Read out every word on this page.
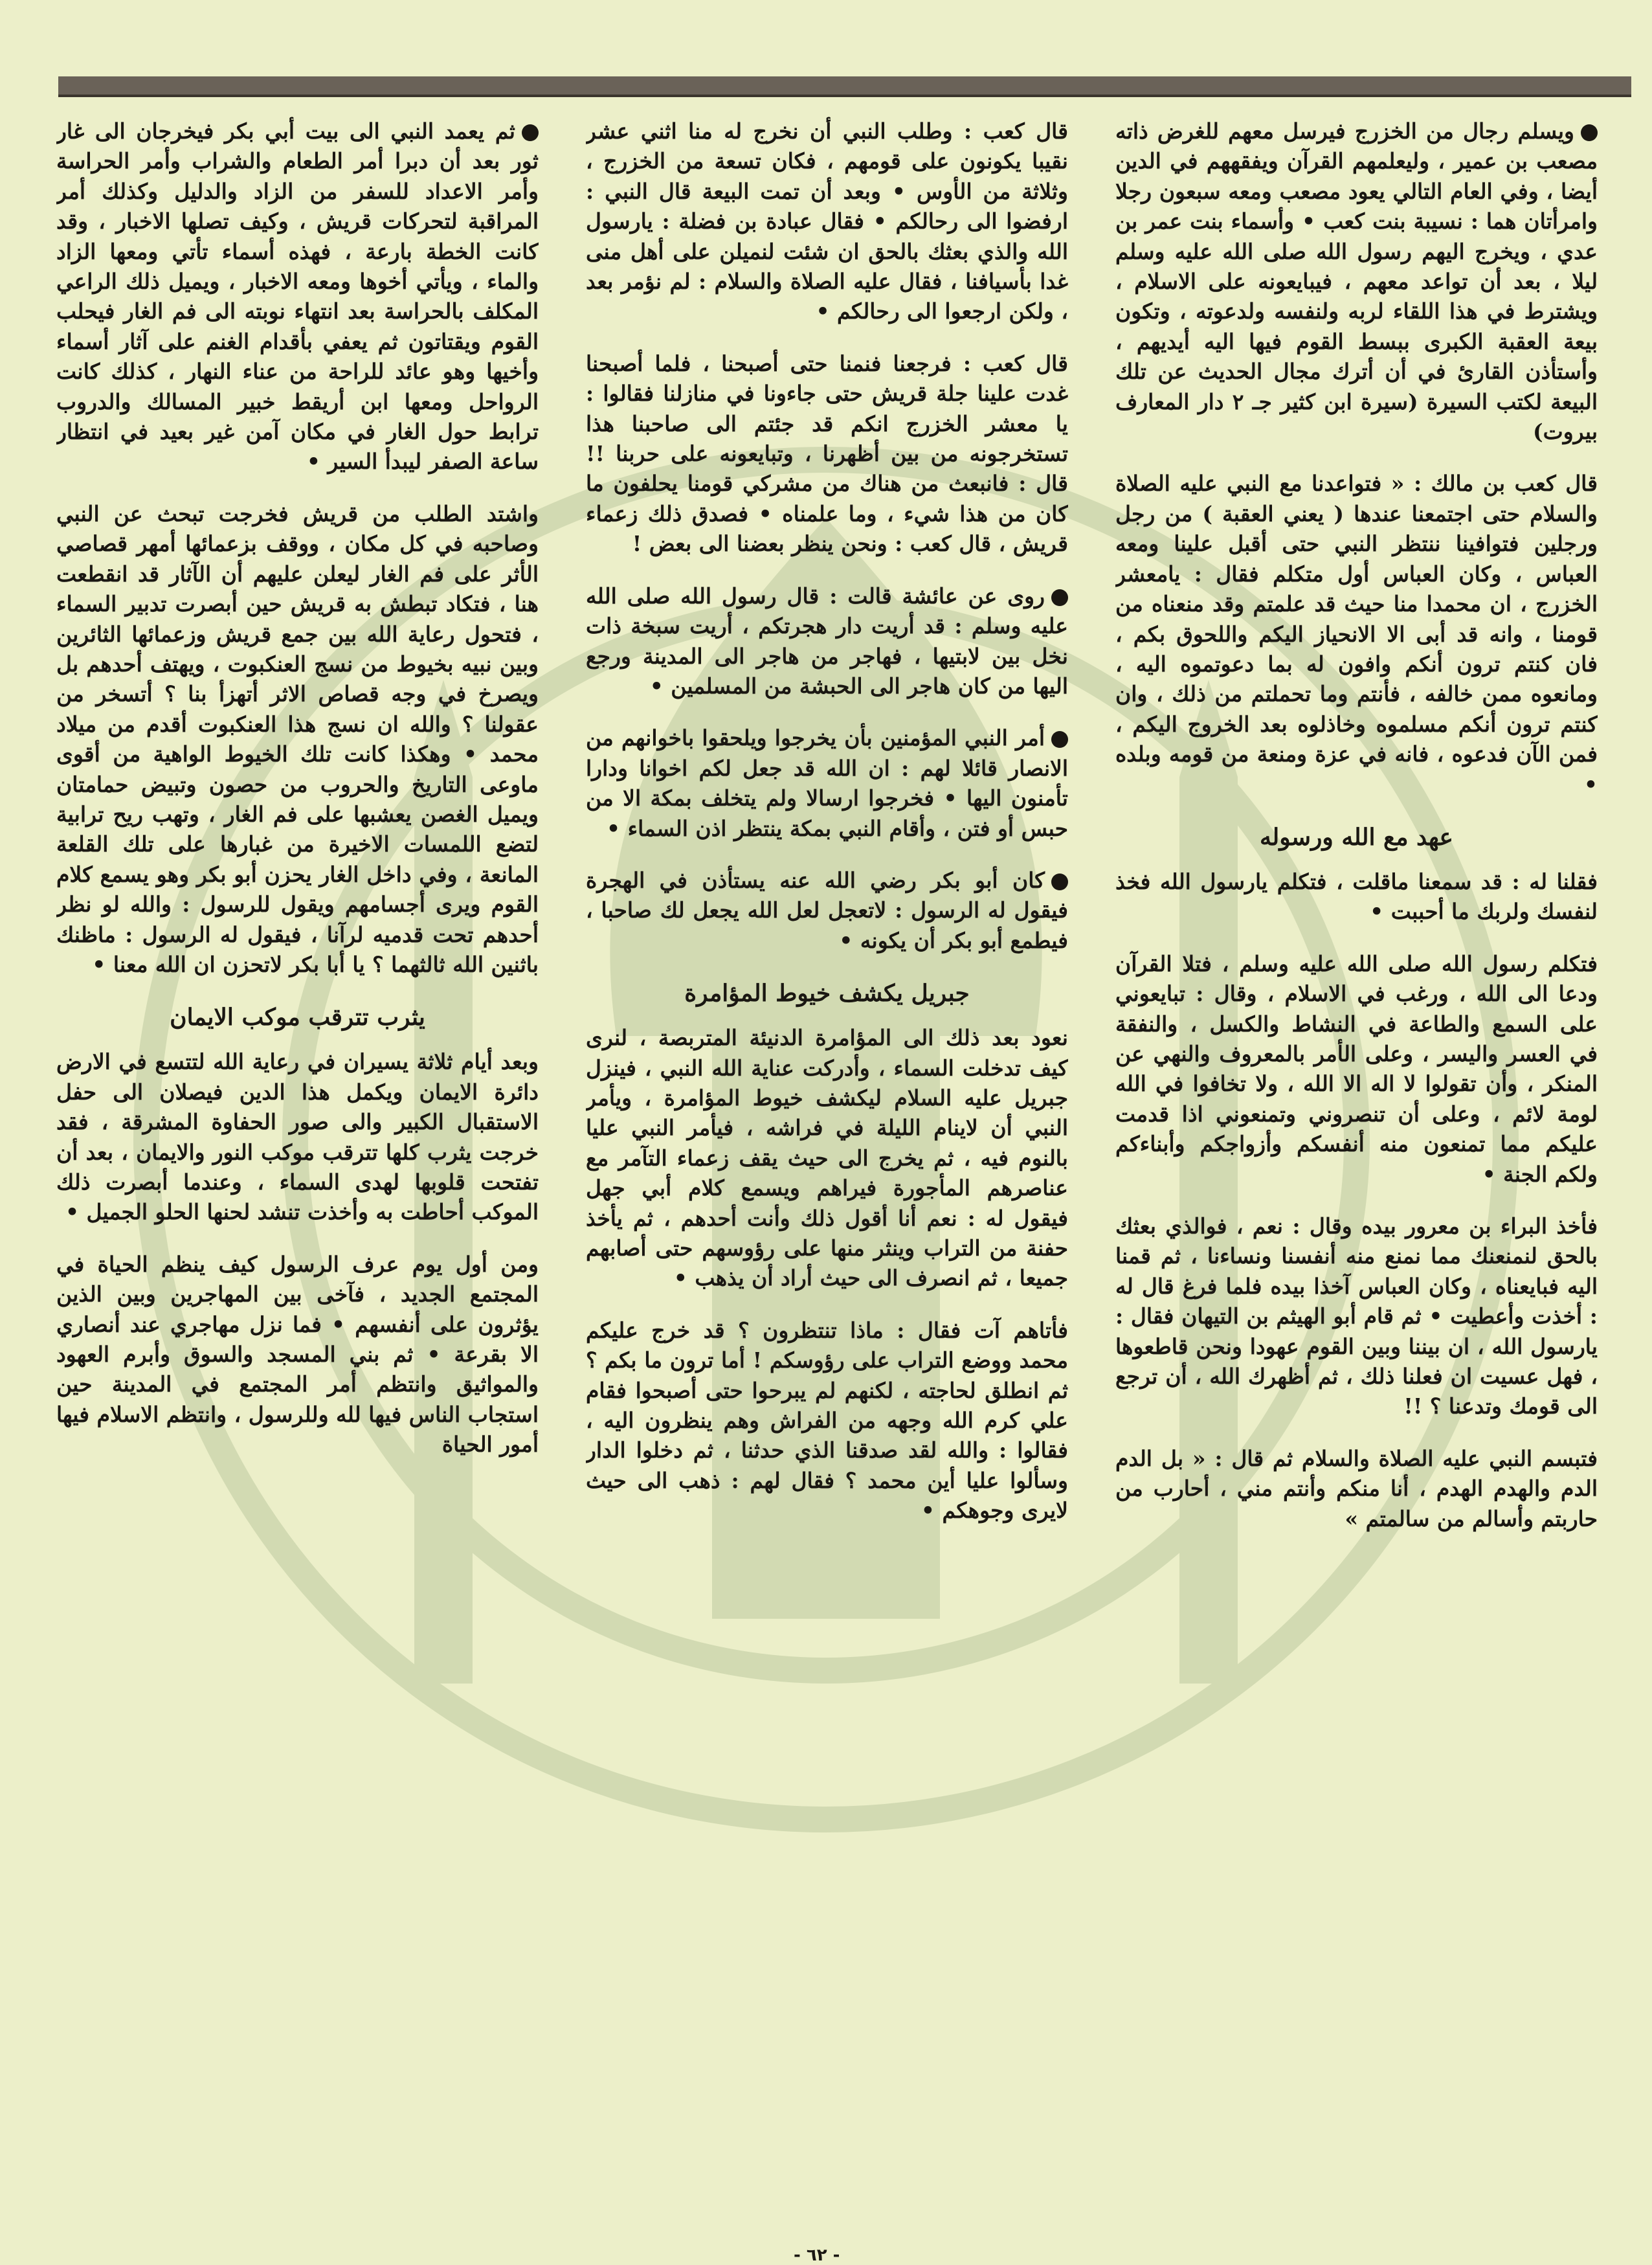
ويسلم رجال من الخزرج فيرسل معهم للغرض ذاته مصعب بن عمير ، وليعلمهم القرآن ويفقههم في الدين أيضا ، وفي العام التالي يعود مصعب ومعه سبعون رجلا وامرأتان هما : نسيبة بنت كعب • وأسماء بنت عمر بن عدي ، ويخرج اليهم رسول الله صلى الله عليه وسلم ليلا ، بعد أن تواعد معهم ، فيبايعونه على الاسلام ، ويشترط في هذا اللقاء لربه ولنفسه ولدعوته ، وتكون بيعة العقبة الكبرى ببسط القوم فيها اليه أيديهم ، وأستأذن القارئ في أن أترك مجال الحديث عن تلك البيعة لكتب السيرة (سيرة ابن كثير جـ ٢ دار المعارف بيروت)

قال كعب بن مالك : « فتواعدنا مع النبي عليه الصلاة والسلام حتى اجتمعنا عندها ( يعني العقبة ) من رجل ورجلين فتوافينا ننتظر النبي حتى أقبل علينا ومعه العباس ، وكان العباس أول متكلم فقال : يامعشر الخزرج ، ان محمدا منا حيث قد علمتم وقد منعناه من قومنا ، وانه قد أبى الا الانحياز اليكم واللحوق بكم ، فان كنتم ترون أنكم وافون له بما دعوتموه اليه ، ومانعوه ممن خالفه ، فأنتم وما تحملتم من ذلك ، وان كنتم ترون أنكم مسلموه وخاذلوه بعد الخروج اليكم ، فمن الآن فدعوه ، فانه في عزة ومنعة من قومه وبلده •

عهد مع الله ورسوله

فقلنا له : قد سمعنا ماقلت ، فتكلم يارسول الله فخذ لنفسك ولربك ما أحببت •

فتكلم رسول الله صلى الله عليه وسلم ، فتلا القرآن ودعا الى الله ، ورغب في الاسلام ، وقال : تبايعوني على السمع والطاعة في النشاط والكسل ، والنفقة في العسر واليسر ، وعلى الأمر بالمعروف والنهي عن المنكر ، وأن تقولوا لا اله الا الله ، ولا تخافوا في الله لومة لائم ، وعلى أن تنصروني وتمنعوني اذا قدمت عليكم مما تمنعون منه أنفسكم وأزواجكم وأبناءكم ولكم الجنة •

فأخذ البراء بن معرور بيده وقال : نعم ، فوالذي بعثك بالحق لنمنعنك مما نمنع منه أنفسنا ونساءنا ، ثم قمنا اليه فبايعناه ، وكان العباس آخذا بيده فلما فرغ قال له : أخذت وأعطيت • ثم قام أبو الهيثم بن التيهان فقال : يارسول الله ، ان بيننا وبين القوم عهودا ونحن قاطعوها ، فهل عسيت ان فعلنا ذلك ، ثم أظهرك الله ، أن ترجع الى قومك وتدعنا ؟ !!

فتبسم النبي عليه الصلاة والسلام ثم قال : « بل الدم الدم والهدم الهدم ، أنا منكم وأنتم مني ، أحارب من حاربتم وأسالم من سالمتم »

قال كعب : وطلب النبي أن نخرج له منا اثني عشر نقيبا يكونون على قومهم ، فكان تسعة من الخزرج ، وثلاثة من الأوس • وبعد أن تمت البيعة قال النبي : ارفضوا الى رحالكم • فقال عبادة بن فضلة : يارسول الله والذي بعثك بالحق ان شئت لنميلن على أهل منى غدا بأسيافنا ، فقال عليه الصلاة والسلام : لم نؤمر بعد ، ولكن ارجعوا الى رحالكم •

قال كعب : فرجعنا فنمنا حتى أصبحنا ، فلما أصبحنا غدت علينا جلة قريش حتى جاءونا في منازلنا فقالوا : يا معشر الخزرج انكم قد جئتم الى صاحبنا هذا تستخرجونه من بين أظهرنا ، وتبايعونه على حربنا !! قال : فانبعث من هناك من مشركي قومنا يحلفون ما كان من هذا شيء ، وما علمناه • فصدق ذلك زعماء قريش ، قال كعب : ونحن ينظر بعضنا الى بعض !

روى عن عائشة قالت : قال رسول الله صلى الله عليه وسلم : قد أريت دار هجرتكم ، أريت سبخة ذات نخل بين لابتيها ، فهاجر من هاجر الى المدينة ورجع اليها من كان هاجر الى الحبشة من المسلمين •

أمر النبي المؤمنين بأن يخرجوا ويلحقوا باخوانهم من الانصار قائلا لهم : ان الله قد جعل لكم اخوانا ودارا تأمنون اليها • فخرجوا ارسالا ولم يتخلف بمكة الا من حبس أو فتن ، وأقام النبي بمكة ينتظر اذن السماء •

كان أبو بكر رضي الله عنه يستأذن في الهجرة فيقول له الرسول : لاتعجل لعل الله يجعل لك صاحبا ، فيطمع أبو بكر أن يكونه •

جبريل يكشف خيوط المؤامرة

نعود بعد ذلك الى المؤامرة الدنيئة المتربصة ، لنرى كيف تدخلت السماء ، وأدركت عناية الله النبي ، فينزل جبريل عليه السلام ليكشف خيوط المؤامرة ، ويأمر النبي أن لاينام الليلة في فراشه ، فيأمر النبي عليا بالنوم فيه ، ثم يخرج الى حيث يقف زعماء التآمر مع عناصرهم المأجورة فيراهم ويسمع كلام أبي جهل فيقول له : نعم أنا أقول ذلك وأنت أحدهم ، ثم يأخذ حفنة من التراب وينثر منها على رؤوسهم حتى أصابهم جميعا ، ثم انصرف الى حيث أراد أن يذهب •

فأتاهم آت فقال : ماذا تنتظرون ؟ قد خرج عليكم محمد ووضع التراب على رؤوسكم ! أما ترون ما بكم ؟ ثم انطلق لحاجته ، لكنهم لم يبرحوا حتى أصبحوا فقام علي كرم الله وجهه من الفراش وهم ينظرون اليه ، فقالوا : والله لقد صدقنا الذي حدثنا ، ثم دخلوا الدار وسألوا عليا أين محمد ؟ فقال لهم : ذهب الى حيث لايرى وجوهكم •

ثم يعمد النبي الى بيت أبي بكر فيخرجان الى غار ثور بعد أن دبرا أمر الطعام والشراب وأمر الحراسة وأمر الاعداد للسفر من الزاد والدليل وكذلك أمر المراقبة لتحركات قريش ، وكيف تصلها الاخبار ، وقد كانت الخطة بارعة ، فهذه أسماء تأتي ومعها الزاد والماء ، ويأتي أخوها ومعه الاخبار ، ويميل ذلك الراعي المكلف بالحراسة بعد انتهاء نوبته الى فم الغار فيحلب القوم ويقتاتون ثم يعفي بأقدام الغنم على آثار أسماء وأخيها وهو عائد للراحة من عناء النهار ، كذلك كانت الرواحل ومعها ابن أريقط خبير المسالك والدروب ترابط حول الغار في مكان آمن غير بعيد في انتظار ساعة الصفر ليبدأ السير •

واشتد الطلب من قريش فخرجت تبحث عن النبي وصاحبه في كل مكان ، ووقف بزعمائها أمهر قصاصي الأثر على فم الغار ليعلن عليهم أن الآثار قد انقطعت هنا ، فتكاد تبطش به قريش حين أبصرت تدبير السماء ، فتحول رعاية الله بين جمع قريش وزعمائها الثائرين وبين نبيه بخيوط من نسج العنكبوت ، ويهتف أحدهم بل ويصرخ في وجه قصاص الاثر أتهزأ بنا ؟ أتسخر من عقولنا ؟ والله ان نسج هذا العنكبوت أقدم من ميلاد محمد • وهكذا كانت تلك الخيوط الواهية من أقوى ماوعى التاريخ والحروب من حصون وتبيض حمامتان ويميل الغصن يعشبها على فم الغار ، وتهب ريح ترابية لتضع اللمسات الاخيرة من غبارها على تلك القلعة المانعة ، وفي داخل الغار يحزن أبو بكر وهو يسمع كلام القوم ويرى أجسامهم ويقول للرسول : والله لو نظر أحدهم تحت قدميه لرآنا ، فيقول له الرسول : ماظنك باثنين الله ثالثهما ؟ يا أبا بكر لاتحزن ان الله معنا •

يثرب تترقب موكب الايمان

وبعد أيام ثلاثة يسيران في رعاية الله لتتسع في الارض دائرة الايمان ويكمل هذا الدين فيصلان الى حفل الاستقبال الكبير والى صور الحفاوة المشرقة ، فقد خرجت يثرب كلها تترقب موكب النور والايمان ، بعد أن تفتحت قلوبها لهدى السماء ، وعندما أبصرت ذلك الموكب أحاطت به وأخذت تنشد لحنها الحلو الجميل •

ومن أول يوم عرف الرسول كيف ينظم الحياة في المجتمع الجديد ، فآخى بين المهاجرين وبين الذين يؤثرون على أنفسهم • فما نزل مهاجري عند أنصاري الا بقرعة • ثم بني المسجد والسوق وأبرم العهود والمواثيق وانتظم أمر المجتمع في المدينة حين استجاب الناس فيها لله وللرسول ، وانتظم الاسلام فيها أمور الحياة

- ٦٢ -
